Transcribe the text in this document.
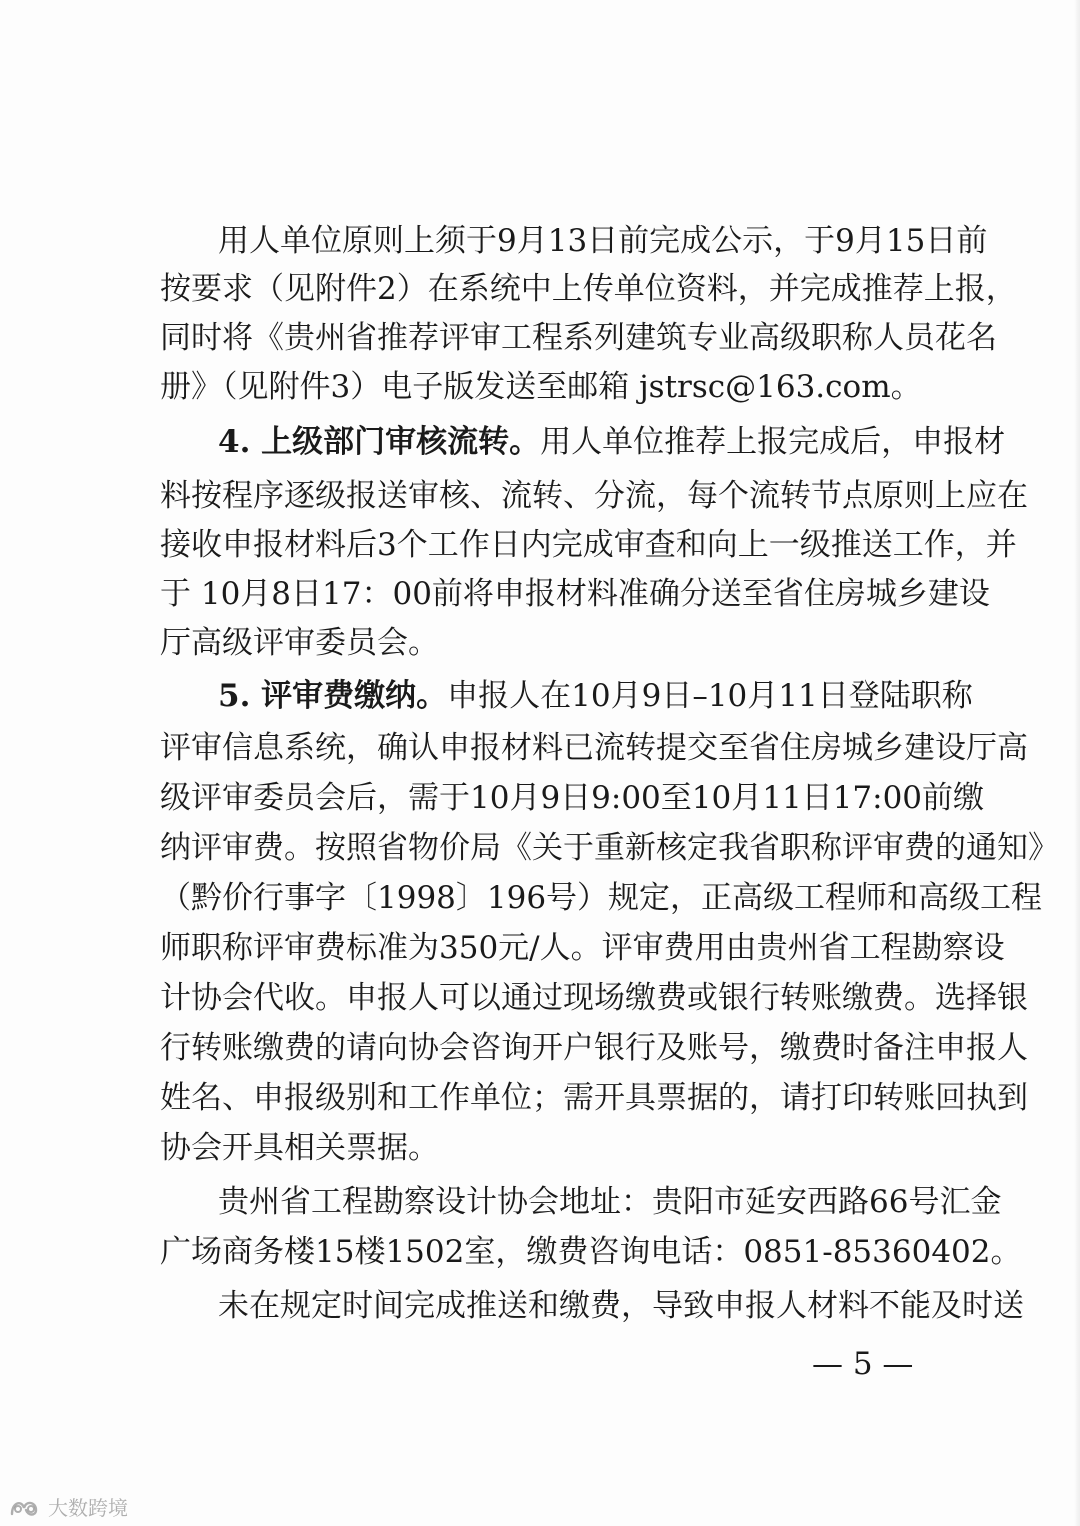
用人单位原则上须于9月13日前完成公示，于9月15日前
按要求（见附件2）在系统中上传单位资料，并完成推荐上报，
同时将《贵州省推荐评审工程系列建筑专业高级职称人员花名
册》（见附件3）电子版发送至邮箱 jstrsc@163.com。
4. 上级部门审核流转。 用人单位推荐上报完成后，申报材
料按程序逐级报送审核、流转、分流，每个流转节点原则上应在
接收申报材料后3个工作日内完成审查和向上一级推送工作，并
于 10月8日17：00前将申报材料准确分送至省住房城乡建设
厅高级评审委员会。
5. 评审费缴纳。 申报人在10月9日–10月11日登陆职称
评审信息系统，确认申报材料已流转提交至省住房城乡建设厅高
级评审委员会后，需于10月9日9:00至10月11日17:00前缴
纳评审费。按照省物价局《关于重新核定我省职称评审费的通知》
（黔价行事字〔1998〕196号）规定，正高级工程师和高级工程
师职称评审费标准为350元/人。评审费用由贵州省工程勘察设
计协会代收。申报人可以通过现场缴费或银行转账缴费。选择银
行转账缴费的请向协会咨询开户银行及账号，缴费时备注申报人
姓名、申报级别和工作单位；需开具票据的，请打印转账回执到
协会开具相关票据。
贵州省工程勘察设计协会地址：贵阳市延安西路66号汇金
广场商务楼15楼1502室，缴费咨询电话：0851-85360402。
未在规定时间完成推送和缴费，导致申报人材料不能及时送
— 5 —
大数跨境
